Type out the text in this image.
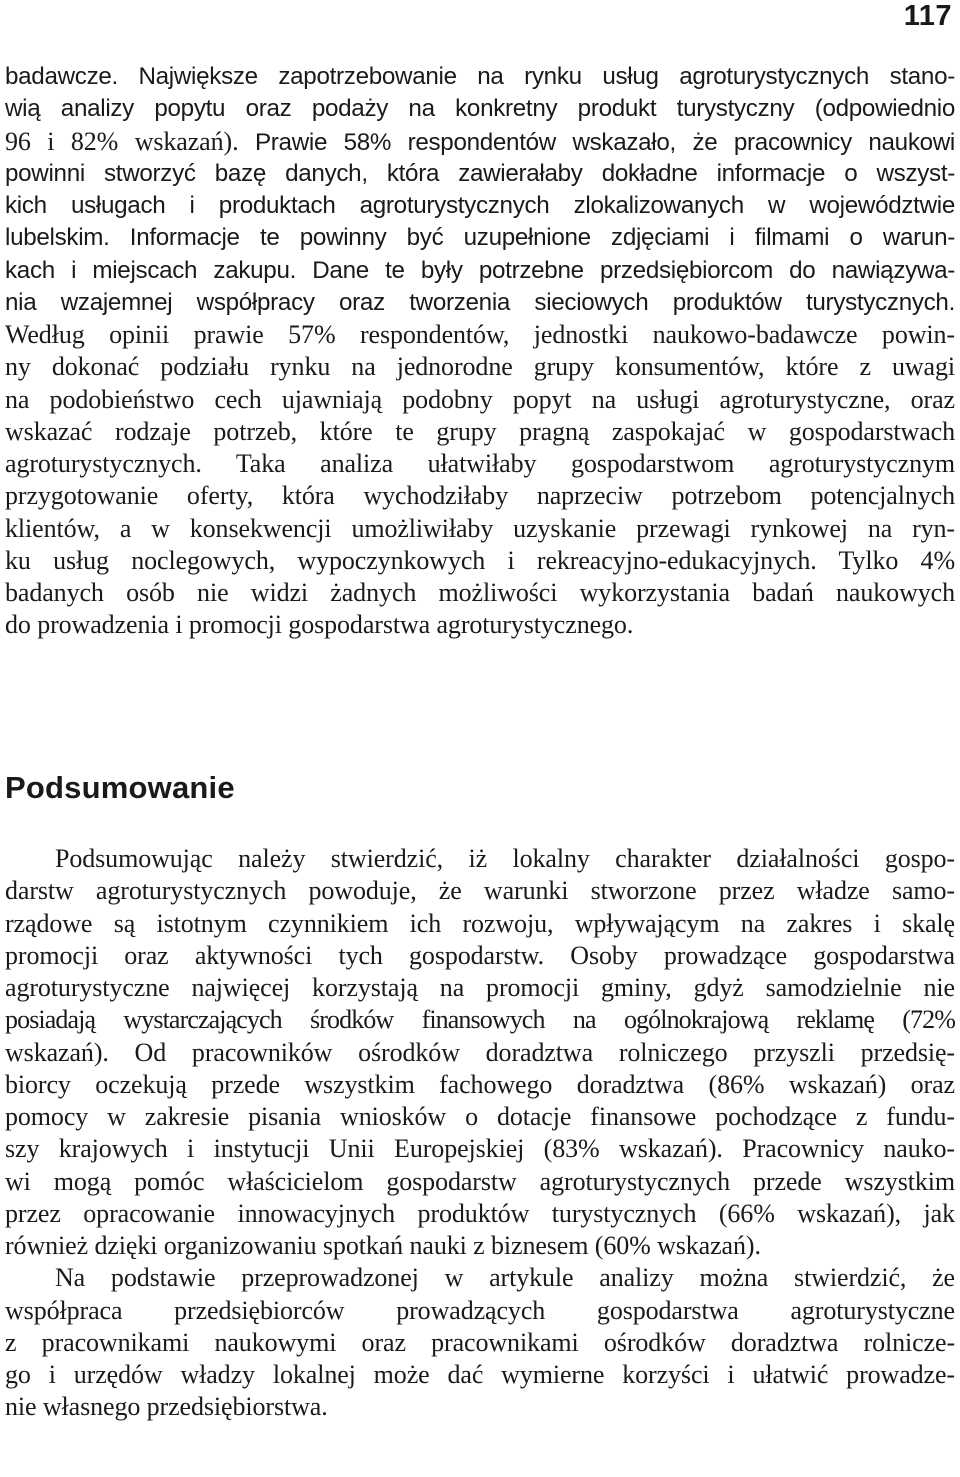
117
badawcze. Największe zapotrzebowanie na rynku usług agroturystycznych stano-
wią analizy popytu oraz podaży na konkretny produkt turystyczny (odpowiednio
96 i 82% wskazań). Prawie 58% respondentów wskazało, że pracownicy naukowi
powinni stworzyć bazę danych, która zawierałaby dokładne informacje o wszyst-
kich usługach i produktach agroturystycznych zlokalizowanych w województwie
lubelskim. Informacje te powinny być uzupełnione zdjęciami i filmami o warun-
kach i miejscach zakupu. Dane te były potrzebne przedsiębiorcom do nawiązywa-
nia wzajemnej współpracy oraz tworzenia sieciowych produktów turystycznych.
Według opinii prawie 57% respondentów, jednostki naukowo-badawcze powin-
ny dokonać podziału rynku na jednorodne grupy konsumentów, które z uwagi
na podobieństwo cech ujawniają podobny popyt na usługi agroturystyczne, oraz
wskazać rodzaje potrzeb, które te grupy pragną zaspokajać w gospodarstwach
agroturystycznych. Taka analiza ułatwiłaby gospodarstwom agroturystycznym
przygotowanie oferty, która wychodziłaby naprzeciw potrzebom potencjalnych
klientów, a w konsekwencji umożliwiłaby uzyskanie przewagi rynkowej na ryn-
ku usług noclegowych, wypoczynkowych i rekreacyjno-edukacyjnych. Tylko 4%
badanych osób nie widzi żadnych możliwości wykorzystania badań naukowych
do prowadzenia i promocji gospodarstwa agroturystycznego.
Podsumowanie
Podsumowując należy stwierdzić, iż lokalny charakter działalności gospo-
darstw agroturystycznych powoduje, że warunki stworzone przez władze samo-
rządowe są istotnym czynnikiem ich rozwoju, wpływającym na zakres i skalę
promocji oraz aktywności tych gospodarstw. Osoby prowadzące gospodarstwa
agroturystyczne najwięcej korzystają na promocji gminy, gdyż samodzielnie nie
posiadają wystarczających środków finansowych na ogólnokrajową reklamę (72%
wskazań). Od pracowników ośrodków doradztwa rolniczego przyszli przedsię-
biorcy oczekują przede wszystkim fachowego doradztwa (86% wskazań) oraz
pomocy w zakresie pisania wniosków o dotacje finansowe pochodzące z fundu-
szy krajowych i instytucji Unii Europejskiej (83% wskazań). Pracownicy nauko-
wi mogą pomóc właścicielom gospodarstw agroturystycznych przede wszystkim
przez opracowanie innowacyjnych produktów turystycznych (66% wskazań), jak
również dzięki organizowaniu spotkań nauki z biznesem (60% wskazań).
Na podstawie przeprowadzonej w artykule analizy można stwierdzić, że
współpraca przedsiębiorców prowadzących gospodarstwa agroturystyczne
z pracownikami naukowymi oraz pracownikami ośrodków doradztwa rolnicze-
go i urzędów władzy lokalnej może dać wymierne korzyści i ułatwić prowadze-
nie własnego przedsiębiorstwa.
